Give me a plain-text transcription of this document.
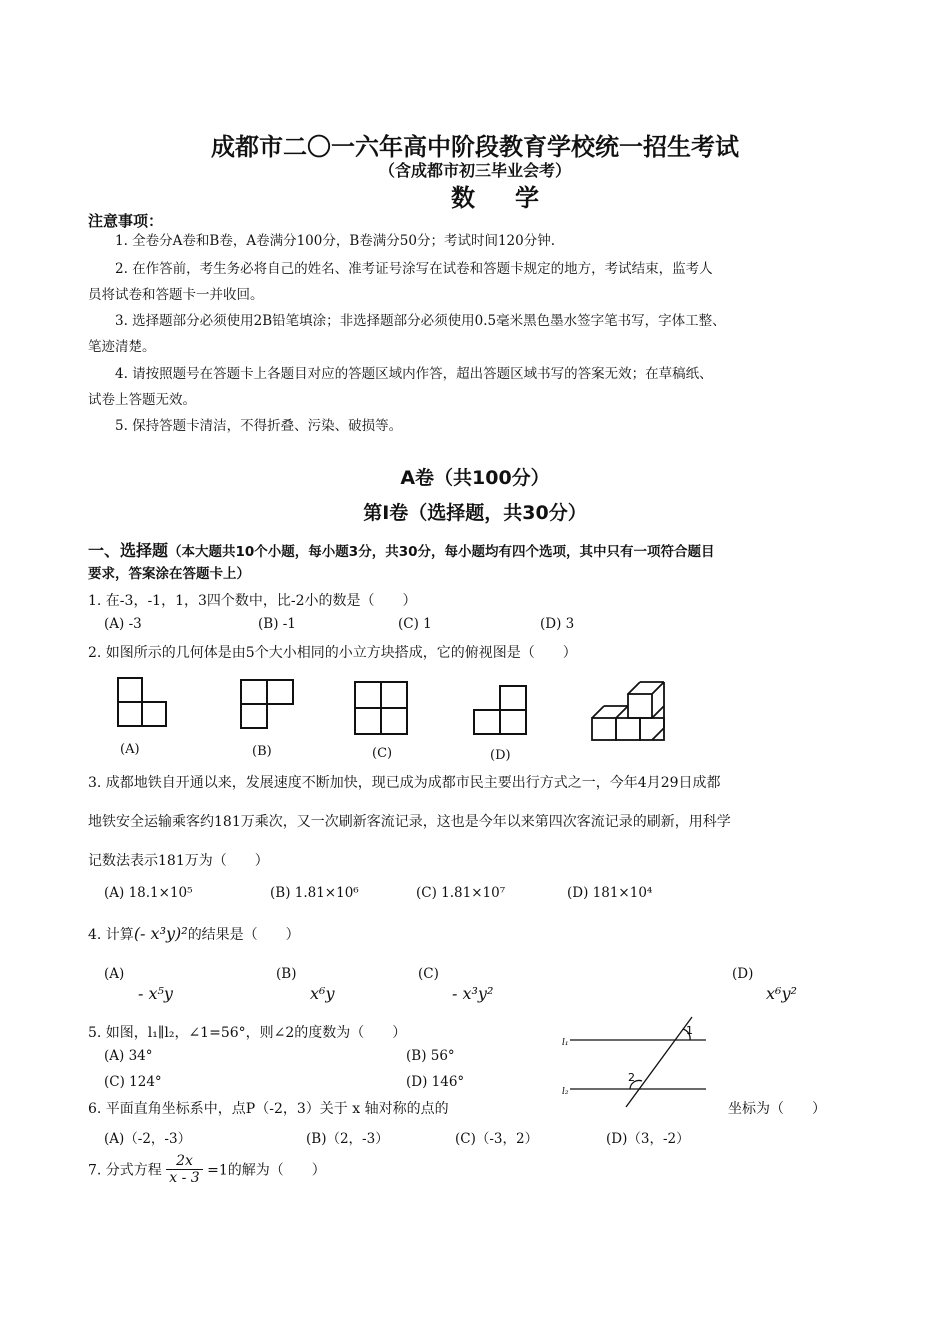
成都市二〇一六年高中阶段教育学校统一招生考试
（含成都市初三毕业会考）
数学
注意事项：
1. 全卷分A卷和B卷，A卷满分100分，B卷满分50分；考试时间120分钟.
2. 在作答前，考生务必将自己的姓名、准考证号涂写在试卷和答题卡规定的地方，考试结束，监考人
员将试卷和答题卡一并收回。
3. 选择题部分必须使用2B铅笔填涂；非选择题部分必须使用0.5毫米黑色墨水签字笔书写，字体工整、
笔迹清楚。
4. 请按照题号在答题卡上各题目对应的答题区域内作答，超出答题区域书写的答案无效；在草稿纸、
试卷上答题无效。
5. 保持答题卡清洁，不得折叠、污染、破损等。
A卷（共100分）
第Ⅰ卷（选择题，共30分）
一、选择题（本大题共10个小题，每小题3分，共30分，每小题均有四个选项，其中只有一项符合题目
要求，答案涂在答题卡上）
1. 在-3，-1，1，3四个数中，比-2小的数是（　　）
(A) -3	(B) -1	(C) 1	(D) 3
2. 如图所示的几何体是由5个大小相同的小立方块搭成，它的俯视图是（　　）
(A)	(B)	(C)	(D)
3. 成都地铁自开通以来，发展速度不断加快，现已成为成都市民主要出行方式之一，今年4月29日成都
地铁安全运输乘客约181万乘次，又一次刷新客流记录，这也是今年以来第四次客流记录的刷新，用科学
记数法表示181万为（　　）
(A) 18.1×10⁵	(B) 1.81×10⁶	(C) 1.81×10⁷	(D) 181×10⁴
4. 计算(- x³y)²的结果是（　　）
(A)
- x⁵y
(B)
x⁶y
(C)
- x³y²
(D)
x⁶y²
5. 如图，l₁∥l₂，∠1=56°，则∠2的度数为（　　）
(A) 34°	(B) 56°
(C) 124°	(D) 146°
l₁
l₂
1
2
6. 平面直角坐标系中，点P（-2，3）关于 x 轴对称的点的	坐标为（　　）
(A)（-2，-3）	(B)（2，-3）	(C)（-3，2）	(D)（3，-2）
7. 分式方程 $\frac{2x}{x - 3} =1$的解为（　　）
